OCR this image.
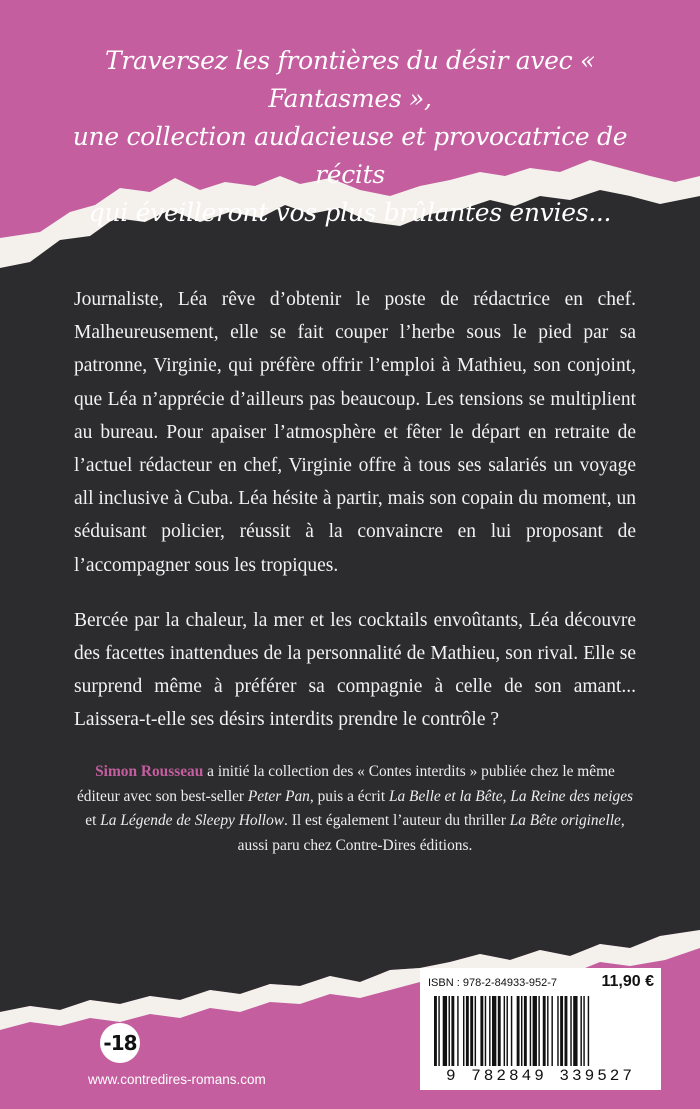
Traversez les frontières du désir avec « Fantasmes »,
une collection audacieuse et provocatrice de récits
qui éveilleront vos plus brûlantes envies...

Journaliste, Léa rêve d’obtenir le poste de rédactrice en chef. Malheureusement, elle se fait couper l’herbe sous le pied par sa patronne, Virginie, qui préfère offrir l’emploi à Mathieu, son conjoint, que Léa n’apprécie d’ailleurs pas beaucoup. Les tensions se multiplient au bureau. Pour apaiser l’atmosphère et fêter le départ en retraite de l’actuel rédacteur en chef, Virginie offre à tous ses salariés un voyage all inclusive à Cuba. Léa hésite à partir, mais son copain du moment, un séduisant policier, réussit à la convaincre en lui proposant de l’accompagner sous les tropiques.

Bercée par la chaleur, la mer et les cocktails envoûtants, Léa découvre des facettes inattendues de la personnalité de Mathieu, son rival. Elle se surprend même à préférer sa compagnie à celle de son amant... Laissera-t-elle ses désirs interdits prendre le contrôle ?

Simon Rousseau a initié la collection des « Contes interdits » publiée chez le même éditeur avec son best-seller Peter Pan, puis a écrit La Belle et la Bête, La Reine des neiges et La Légende de Sleepy Hollow. Il est également l’auteur du thriller La Bête originelle, aussi paru chez Contre-Dires éditions.
-18
www.contredires-romans.com
ISBN : 978-2-84933-952-7	11,90 €
9 782849 339527
